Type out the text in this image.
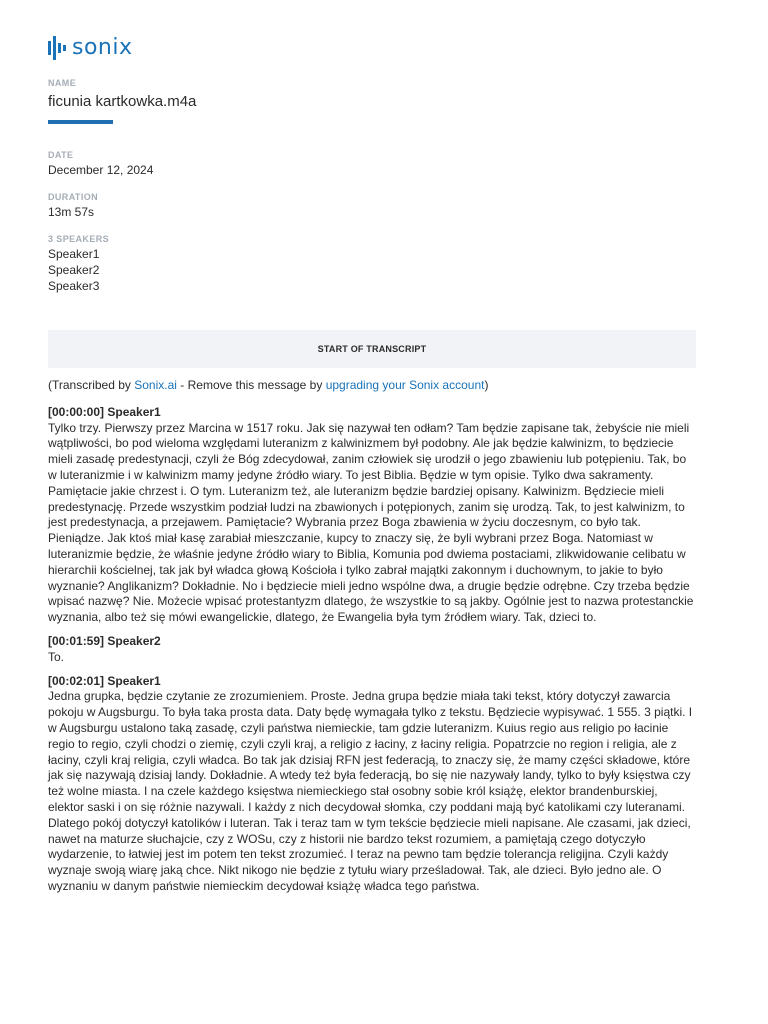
sonix
NAME
ficunia kartkowka.m4a
DATE
December 12, 2024
DURATION
13m 57s
3 SPEAKERS
Speaker1
Speaker2
Speaker3
START OF TRANSCRIPT

(Transcribed by Sonix.ai - Remove this message by upgrading your Sonix account)

[00:00:00] Speaker1

Tylko trzy. Pierwszy przez Marcina w 1517 roku. Jak się nazywał ten odłam? Tam będzie zapisane tak, żebyście nie mieli wątpliwości, bo pod wieloma względami luteranizm z kalwinizmem był podobny. Ale jak będzie kalwinizm, to będziecie mieli zasadę predestynacji, czyli że Bóg zdecydował, zanim człowiek się urodził o jego zbawieniu lub potępieniu. Tak, bo w luteranizmie i w kalwinizm mamy jedyne źródło wiary. To jest Biblia. Będzie w tym opisie. Tylko dwa sakramenty. Pamiętacie jakie chrzest i. O tym. Luteranizm też, ale luteranizm będzie bardziej opisany. Kalwinizm. Będziecie mieli predestynację. Przede wszystkim podział ludzi na zbawionych i potępionych, zanim się urodzą. Tak, to jest kalwinizm, to jest predestynacja, a przejawem. Pamiętacie? Wybrania przez Boga zbawienia w życiu doczesnym, co było tak. Pieniądze. Jak ktoś miał kasę zarabiał mieszczanie, kupcy to znaczy się, że byli wybrani przez Boga. Natomiast w luteranizmie będzie, że właśnie jedyne źródło wiary to Biblia, Komunia pod dwiema postaciami, zlikwidowanie celibatu w hierarchii kościelnej, tak jak był władca głową Kościoła i tylko zabrał majątki zakonnym i duchownym, to jakie to było wyznanie? Anglikanizm? Dokładnie. No i będziecie mieli jedno wspólne dwa, a drugie będzie odrębne. Czy trzeba będzie wpisać nazwę? Nie. Możecie wpisać protestantyzm dlatego, że wszystkie to są jakby. Ogólnie jest to nazwa protestanckie wyznania, albo też się mówi ewangelickie, dlatego, że Ewangelia była tym źródłem wiary. Tak, dzieci to.

[00:01:59] Speaker2

To.

[00:02:01] Speaker1

Jedna grupka, będzie czytanie ze zrozumieniem. Proste. Jedna grupa będzie miała taki tekst, który dotyczył zawarcia pokoju w Augsburgu. To była taka prosta data. Daty będę wymagała tylko z tekstu. Będziecie wypisywać. 1 555. 3 piątki. I w Augsburgu ustalono taką zasadę, czyli państwa niemieckie, tam gdzie luteranizm. Kuius regio aus religio po łacinie regio to regio, czyli chodzi o ziemię, czyli czyli kraj, a religio z łaciny, z łaciny religia. Popatrzcie no region i religia, ale z łaciny, czyli kraj religia, czyli władca. Bo tak jak dzisiaj RFN jest federacją, to znaczy się, że mamy części składowe, które jak się nazywają dzisiaj landy. Dokładnie. A wtedy też była federacją, bo się nie nazywały landy, tylko to były księstwa czy też wolne miasta. I na czele każdego księstwa niemieckiego stał osobny sobie król książę, elektor brandenburskiej, elektor saski i on się różnie nazywali. I każdy z nich decydował słomka, czy poddani mają być katolikami czy luteranami. Dlatego pokój dotyczył katolików i luteran. Tak i teraz tam w tym tekście będziecie mieli napisane. Ale czasami, jak dzieci, nawet na maturze słuchajcie, czy z WOSu, czy z historii nie bardzo tekst rozumiem, a pamiętają czego dotyczyło wydarzenie, to łatwiej jest im potem ten tekst zrozumieć. I teraz na pewno tam będzie tolerancja religijna. Czyli każdy wyznaje swoją wiarę jaką chce. Nikt nikogo nie będzie z tytułu wiary prześladował. Tak, ale dzieci. Było jedno ale. O wyznaniu w danym państwie niemieckim decydował książę władca tego państwa.
